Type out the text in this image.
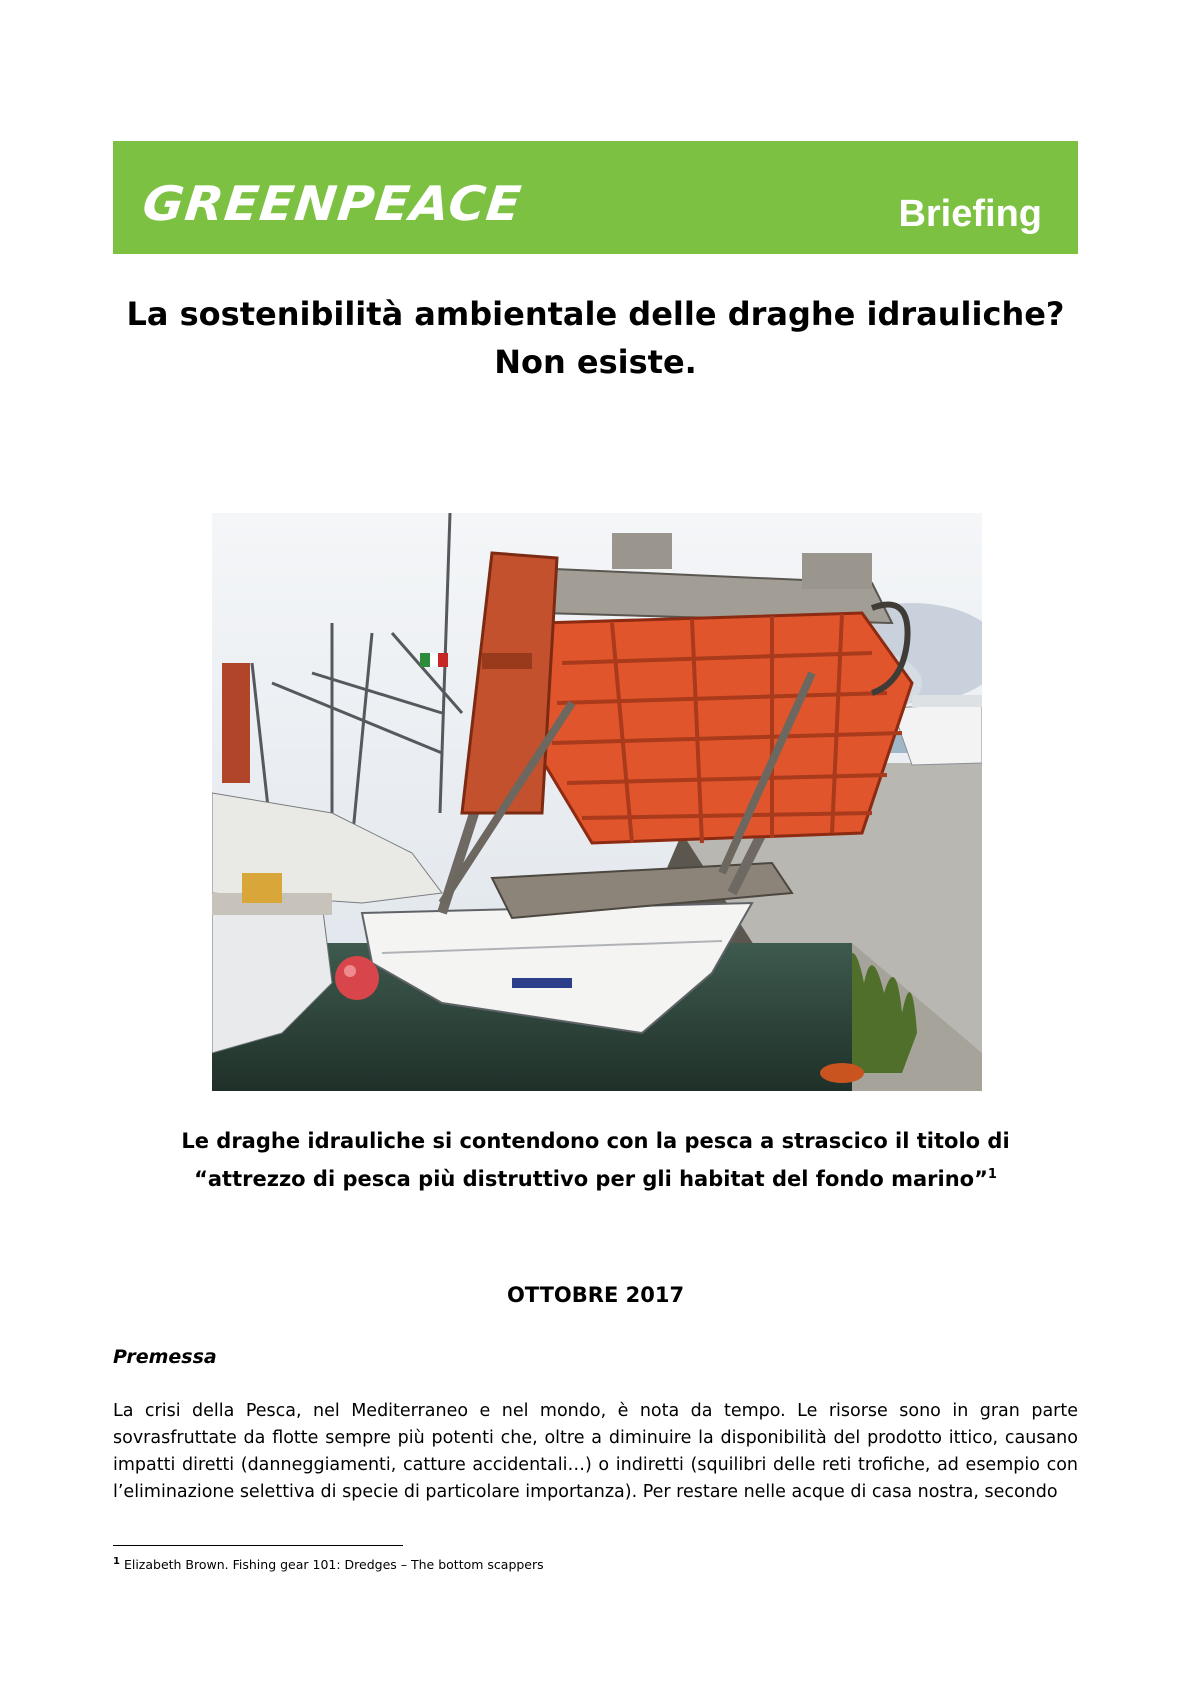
GREENPEACE	Briefing
La sostenibilità ambientale delle draghe idrauliche?
Non esiste.
Le draghe idrauliche si contendono con la pesca a strascico il titolo di
“attrezzo di pesca più distruttivo per gli habitat del fondo marino”$^1$
OTTOBRE 2017
Premessa
La crisi della Pesca, nel Mediterraneo e nel mondo, è nota da tempo. Le risorse sono in gran parte sovrasfruttate da flotte sempre più potenti che, oltre a diminuire la disponibilità del prodotto ittico, causano impatti diretti (danneggiamenti, catture accidentali…) o indiretti (squilibri delle reti trofiche, ad esempio con l’eliminazione selettiva di specie di particolare importanza). Per restare nelle acque di casa nostra, secondo
$^1$ Elizabeth Brown. Fishing gear 101: Dredges – The bottom scappers
